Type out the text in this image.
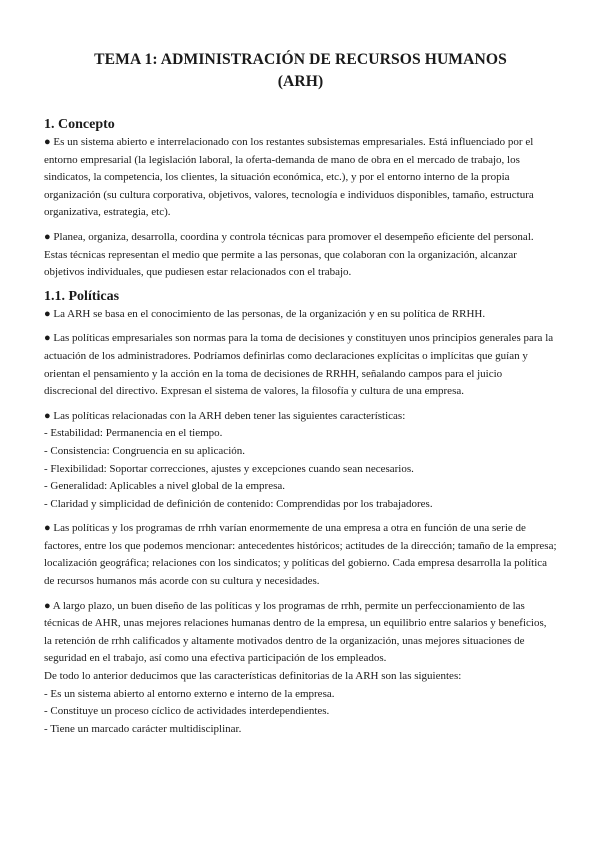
TEMA 1: ADMINISTRACIÓN DE RECURSOS HUMANOS
(ARH)
1. Concepto

● Es un sistema abierto e interrelacionado con los restantes subsistemas empresariales. Está influenciado por el entorno empresarial (la legislación laboral, la oferta-demanda de mano de obra en el mercado de trabajo, los sindicatos, la competencia, los clientes, la situación económica, etc.), y por el entorno interno de la propia organización (su cultura corporativa, objetivos, valores, tecnología e individuos disponibles, tamaño, estructura organizativa, estrategia, etc).

● Planea, organiza, desarrolla, coordina y controla técnicas para promover el desempeño eficiente del personal. Estas técnicas representan el medio que permite a las personas, que colaboran con la organización, alcanzar objetivos individuales, que pudiesen estar relacionados con el trabajo.

1.1. Políticas

● La ARH se basa en el conocimiento de las personas, de la organización y en su política de RRHH.

● Las políticas empresariales son normas para la toma de decisiones y constituyen unos principios generales para la actuación de los administradores. Podríamos definirlas como declaraciones explícitas o implícitas que guían y orientan el pensamiento y la acción en la toma de decisiones de RRHH, señalando campos para el juicio discrecional del directivo. Expresan el sistema de valores, la filosofía y cultura de una empresa.

● Las políticas relacionadas con la ARH deben tener las siguientes características:
- Estabilidad: Permanencia en el tiempo.
- Consistencia: Congruencia en su aplicación.
- Flexibilidad: Soportar correcciones, ajustes y excepciones cuando sean necesarios.
- Generalidad: Aplicables a nivel global de la empresa.
- Claridad y simplicidad de definición de contenido: Comprendidas por los trabajadores.

● Las políticas y los programas de rrhh varían enormemente de una empresa a otra en función de una serie de factores, entre los que podemos mencionar: antecedentes históricos; actitudes de la dirección; tamaño de la empresa; localización geográfica; relaciones con los sindicatos; y políticas del gobierno. Cada empresa desarrolla la política de recursos humanos más acorde con su cultura y necesidades.

● A largo plazo, un buen diseño de las políticas y los programas de rrhh, permite un perfeccionamiento de las técnicas de AHR, unas mejores relaciones humanas dentro de la empresa, un equilibrio entre salarios y beneficios, la retención de rrhh calificados y altamente motivados dentro de la organización, unas mejores situaciones de seguridad en el trabajo, así como una efectiva participación de los empleados.

De todo lo anterior deducimos que las características definitorias de la ARH son las siguientes:
- Es un sistema abierto al entorno externo e interno de la empresa.
- Constituye un proceso cíclico de actividades interdependientes.
- Tiene un marcado carácter multidisciplinar.
